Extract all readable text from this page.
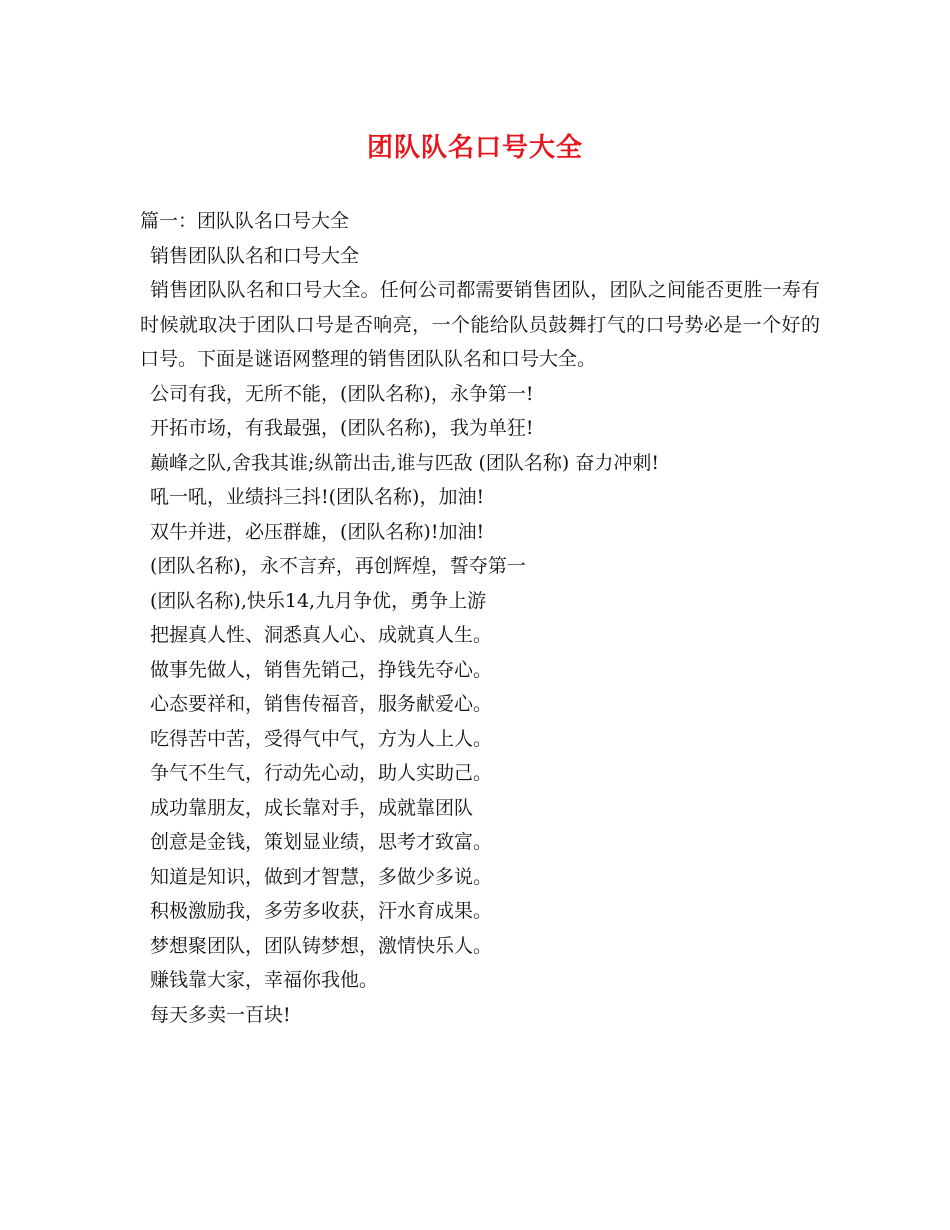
团队队名口号大全

篇一：团队队名口号大全

销售团队队名和口号大全

销售团队队名和口号大全。任何公司都需要销售团队，团队之间能否更胜一寿有时候就取决于团队口号是否响亮，一个能给队员鼓舞打气的口号势必是一个好的口号。下面是谜语网整理的销售团队队名和口号大全。

公司有我，无所不能，(团队名称)，永争第一!

开拓市场，有我最强，(团队名称)，我为单狂!

巅峰之队,舍我其谁;纵箭出击,谁与匹敌 (团队名称) 奋力冲刺!

吼一吼，业绩抖三抖!(团队名称)，加油!

双牛并进，必压群雄，(团队名称)!加油!

(团队名称)，永不言弃，再创辉煌，誓夺第一

(团队名称),快乐14,九月争优，勇争上游

把握真人性、洞悉真人心、成就真人生。

做事先做人，销售先销己，挣钱先夺心。

心态要祥和，销售传福音，服务献爱心。

吃得苦中苦，受得气中气，方为人上人。

争气不生气，行动先心动，助人实助己。

成功靠朋友，成长靠对手，成就靠团队

创意是金钱，策划显业绩，思考才致富。

知道是知识，做到才智慧，多做少多说。

积极激励我，多劳多收获，汗水育成果。

梦想聚团队，团队铸梦想，激情快乐人。

赚钱靠大家，幸福你我他。

每天多卖一百块!
